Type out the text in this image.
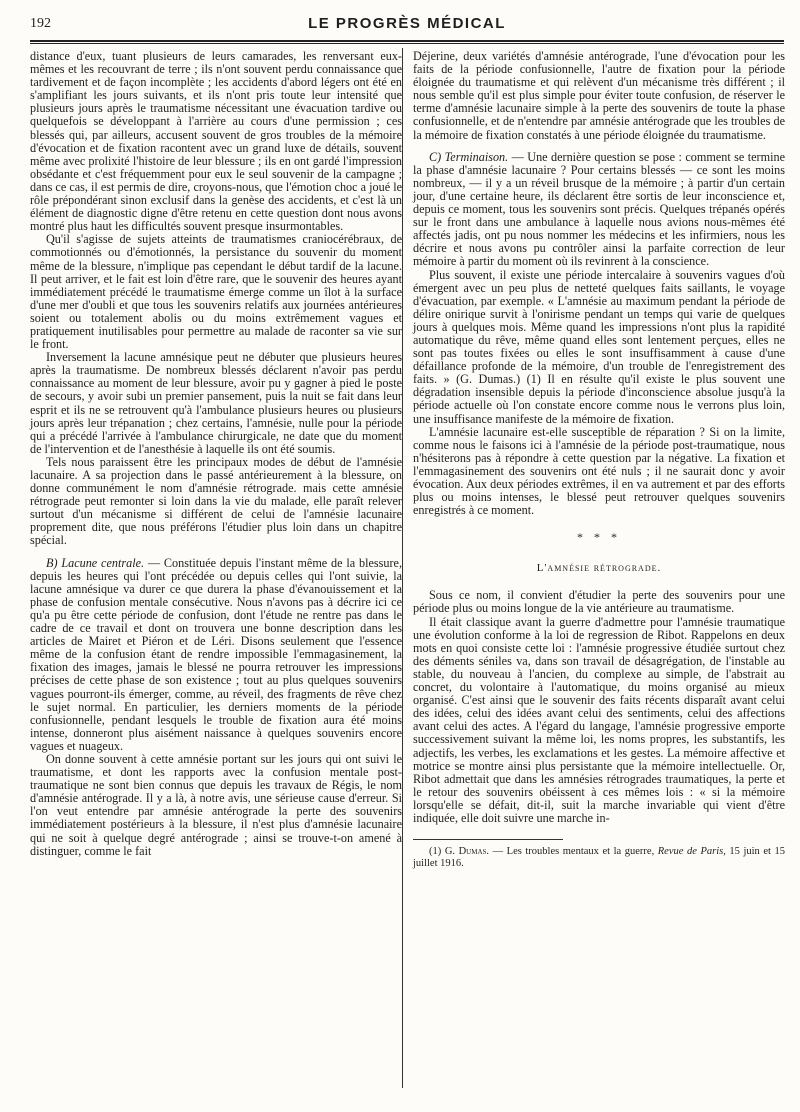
192	LE PROGRÈS MÉDICAL

distance d'eux, tuant plusieurs de leurs camarades, les renversant eux-mêmes et les recouvrant de terre ; ils n'ont souvent perdu connaissance que tardivement et de façon incomplète ; les accidents d'abord légers ont été en s'amplifiant les jours suivants, et ils n'ont pris toute leur intensité que plusieurs jours après le traumatisme nécessitant une évacuation tardive ou quelquefois se développant à l'arrière au cours d'une permission ; ces blessés qui, par ailleurs, accusent souvent de gros troubles de la mémoire d'évocation et de fixation racontent avec un grand luxe de détails, souvent même avec prolixité l'histoire de leur blessure ; ils en ont gardé l'impression obsédante et c'est fréquemment pour eux le seul souvenir de la campagne ; dans ce cas, il est permis de dire, croyons-nous, que l'émotion choc a joué le rôle prépondérant sinon exclusif dans la genèse des accidents, et c'est là un élément de diagnostic digne d'être retenu en cette question dont nous avons montré plus haut les difficultés souvent presque insurmontables.

Qu'il s'agisse de sujets atteints de traumatismes craniocérébraux, de commotionnés ou d'émotionnés, la persistance du souvenir du moment même de la blessure, n'implique pas cependant le début tardif de la lacune. Il peut arriver, et le fait est loin d'être rare, que le souvenir des heures ayant immédiatement précédé le traumatisme émerge comme un îlot à la surface d'une mer d'oubli et que tous les souvenirs relatifs aux journées antérieures soient ou totalement abolis ou du moins extrêmement vagues et pratiquement inutilisables pour permettre au malade de raconter sa vie sur le front.

Inversement la lacune amnésique peut ne débuter que plusieurs heures après la traumatisme. De nombreux blessés déclarent n'avoir pas perdu connaissance au moment de leur blessure, avoir pu y gagner à pied le poste de secours, y avoir subi un premier pansement, puis la nuit se fait dans leur esprit et ils ne se retrouvent qu'à l'ambulance plusieurs heures ou plusieurs jours après leur trépanation ; chez certains, l'amnésie, nulle pour la période qui a précédé l'arrivée à l'ambulance chirurgicale, ne date que du moment de l'intervention et de l'anesthésie à laquelle ils ont été soumis.

Tels nous paraissent être les principaux modes de début de l'amnésie lacunaire. A sa projection dans le passé antérieurement à la blessure, on donne communément le nom d'amnésie rétrograde. mais cette amnésie rétrograde peut remonter si loin dans la vie du malade, elle paraît relever surtout d'un mécanisme si différent de celui de l'amnésie lacunaire proprement dite, que nous préférons l'étudier plus loin dans un chapitre spécial.

B) Lacune centrale. — Constituée depuis l'instant même de la blessure, depuis les heures qui l'ont précédée ou depuis celles qui l'ont suivie, la lacune amnésique va durer ce que durera la phase d'évanouissement et la phase de confusion mentale consécutive. Nous n'avons pas à décrire ici ce qu'a pu être cette période de confusion, dont l'étude ne rentre pas dans le cadre de ce travail et dont on trouvera une bonne description dans les articles de Mairet et Piéron et de Léri. Disons seulement que l'essence même de la confusion étant de rendre impossible l'emmagasinement, la fixation des images, jamais le blessé ne pourra retrouver les impressions précises de cette phase de son existence ; tout au plus quelques souvenirs vagues pourront-ils émerger, comme, au réveil, des fragments de rêve chez le sujet normal. En particulier, les derniers moments de la période confusionnelle, pendant lesquels le trouble de fixation aura été moins intense, donneront plus aisément naissance à quelques souvenirs encore vagues et nuageux.

On donne souvent à cette amnésie portant sur les jours qui ont suivi le traumatisme, et dont les rapports avec la confusion mentale post-traumatique ne sont bien connus que depuis les travaux de Régis, le nom d'amnésie antérograde. Il y a là, à notre avis, une sérieuse cause d'erreur. Si l'on veut entendre par amnésie antérograde la perte des souvenirs immédiatement postérieurs à la blessure, il n'est plus d'amnésie lacunaire qui ne soit à quelque degré antérograde ; ainsi se trouve-t-on amené à distinguer, comme le fait

Déjerine, deux variétés d'amnésie antérograde, l'une d'évocation pour les faits de la période confusionnelle, l'autre de fixation pour la période éloignée du traumatisme et qui relèvent d'un mécanisme très différent ; il nous semble qu'il est plus simple pour éviter toute confusion, de réserver le terme d'amnésie lacunaire simple à la perte des souvenirs de toute la phase confusionnelle, et de n'entendre par amnésie antérograde que les troubles de la mémoire de fixation constatés à une période éloignée du traumatisme.

C) Terminaison. — Une dernière question se pose : comment se termine la phase d'amnésie lacunaire ? Pour certains blessés — ce sont les moins nombreux, — il y a un réveil brusque de la mémoire ; à partir d'un certain jour, d'une certaine heure, ils déclarent être sortis de leur inconscience et, depuis ce moment, tous les souvenirs sont précis. Quelques trépanés opérés sur le front dans une ambulance à laquelle nous avions nous-mêmes été affectés jadis, ont pu nous nommer les médecins et les infirmiers, nous les décrire et nous avons pu contrôler ainsi la parfaite correction de leur mémoire à partir du moment où ils revinrent à la conscience.

Plus souvent, il existe une période intercalaire à souvenirs vagues d'où émergent avec un peu plus de netteté quelques faits saillants, le voyage d'évacuation, par exemple. « L'amnésie au maximum pendant la période de délire onirique survit à l'onirisme pendant un temps qui varie de quelques jours à quelques mois. Même quand les impressions n'ont plus la rapidité automatique du rêve, même quand elles sont lentement perçues, elles ne sont pas toutes fixées ou elles le sont insuffisamment à cause d'une défaillance profonde de la mémoire, d'un trouble de l'enregistrement des faits. » (G. Dumas.) (1) Il en résulte qu'il existe le plus souvent une dégradation insensible depuis la période d'inconscience absolue jusqu'à la période actuelle où l'on constate encore comme nous le verrons plus loin, une insuffisance manifeste de la mémoire de fixation.

L'amnésie lacunaire est-elle susceptible de réparation ? Si on la limite, comme nous le faisons ici à l'amnésie de la période post-traumatique, nous n'hésiterons pas à répondre à cette question par la négative. La fixation et l'emmagasinement des souvenirs ont été nuls ; il ne saurait donc y avoir évocation. Aux deux périodes extrêmes, il en va autrement et par des efforts plus ou moins intenses, le blessé peut retrouver quelques souvenirs enregistrés à ce moment.

* * *
L'amnésie rétrograde.

Sous ce nom, il convient d'étudier la perte des souvenirs pour une période plus ou moins longue de la vie antérieure au traumatisme.

Il était classique avant la guerre d'admettre pour l'amnésie traumatique une évolution conforme à la loi de regression de Ribot. Rappelons en deux mots en quoi consiste cette loi : l'amnésie progressive étudiée surtout chez des déments séniles va, dans son travail de désagrégation, de l'instable au stable, du nouveau à l'ancien, du complexe au simple, de l'abstrait au concret, du volontaire à l'automatique, du moins organisé au mieux organisé. C'est ainsi que le souvenir des faits récents disparaît avant celui des idées, celui des idées avant celui des sentiments, celui des affections avant celui des actes. A l'égard du langage, l'amnésie progressive emporte successivement suivant la même loi, les noms propres, les substantifs, les adjectifs, les verbes, les exclamations et les gestes. La mémoire affective et motrice se montre ainsi plus persistante que la mémoire intellectuelle. Or, Ribot admettait que dans les amnésies rétrogrades traumatiques, la perte et le retour des souvenirs obéissent à ces mêmes lois : « si la mémoire lorsqu'elle se défait, dit-il, suit la marche invariable qui vient d'être indiquée, elle doit suivre une marche in-

(1) G. Dumas. — Les troubles mentaux et la guerre, Revue de Paris, 15 juin et 15 juillet 1916.
